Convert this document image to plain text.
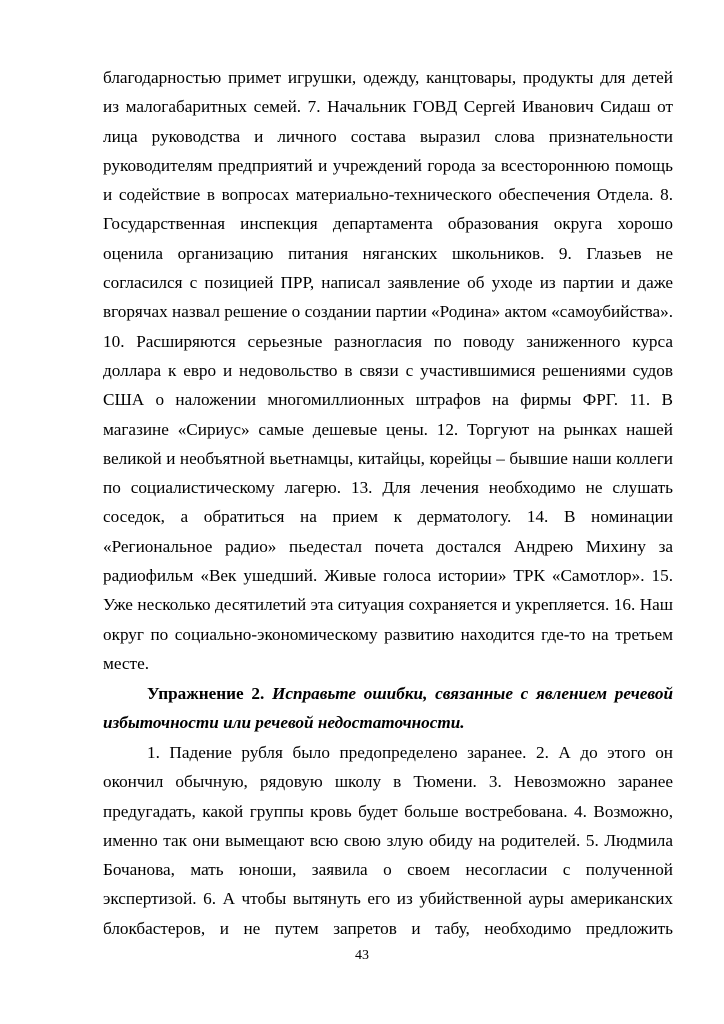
благодарностью примет игрушки, одежду, канцтовары, продукты для детей
из малогабаритных семей. 7. Начальник ГОВД Сергей Иванович Сидаш от
лица руководства и личного состава выразил слова признательности
руководителям предприятий и учреждений города за всестороннюю помощь
и содействие в вопросах материально-технического обеспечения Отдела. 8.
Государственная инспекция департамента образования округа хорошо
оценила организацию питания няганских школьников. 9. Глазьев не
согласился с позицией ПРР, написал заявление об уходе из партии и даже
вгорячах назвал решение о создании партии «Родина» актом «самоубийства».
10. Расширяются серьезные разногласия по поводу заниженного курса
доллара к евро и недовольство в связи с участившимися решениями судов
США о наложении многомиллионных штрафов на фирмы ФРГ. 11. В
магазине «Сириус» самые дешевые цены. 12. Торгуют на рынках нашей
великой и необъятной вьетнамцы, китайцы, корейцы – бывшие наши коллеги
по социалистическому лагерю. 13. Для лечения необходимо не слушать
соседок, а обратиться на прием к дерматологу. 14. В номинации
«Региональное радио» пьедестал почета достался Андрею Михину за
радиофильм «Век ушедший. Живые голоса истории» ТРК «Самотлор». 15.
Уже несколько десятилетий эта ситуация сохраняется и укрепляется. 16. Наш
округ по социально-экономическому развитию находится где-то на третьем
месте.
Упражнение 2. Исправьте ошибки, связанные с явлением речевой
избыточности или речевой недостаточности.
1. Падение рубля было предопределено заранее. 2. А до этого он
окончил обычную, рядовую школу в Тюмени. 3. Невозможно заранее
предугадать, какой группы кровь будет больше востребована. 4. Возможно,
именно так они вымещают всю свою злую обиду на родителей. 5. Людмила
Бочанова, мать юноши, заявила о своем несогласии с полученной
экспертизой. 6. А чтобы вытянуть его из убийственной ауры американских
блокбастеров, и не путем запретов и табу, необходимо предложить
43
